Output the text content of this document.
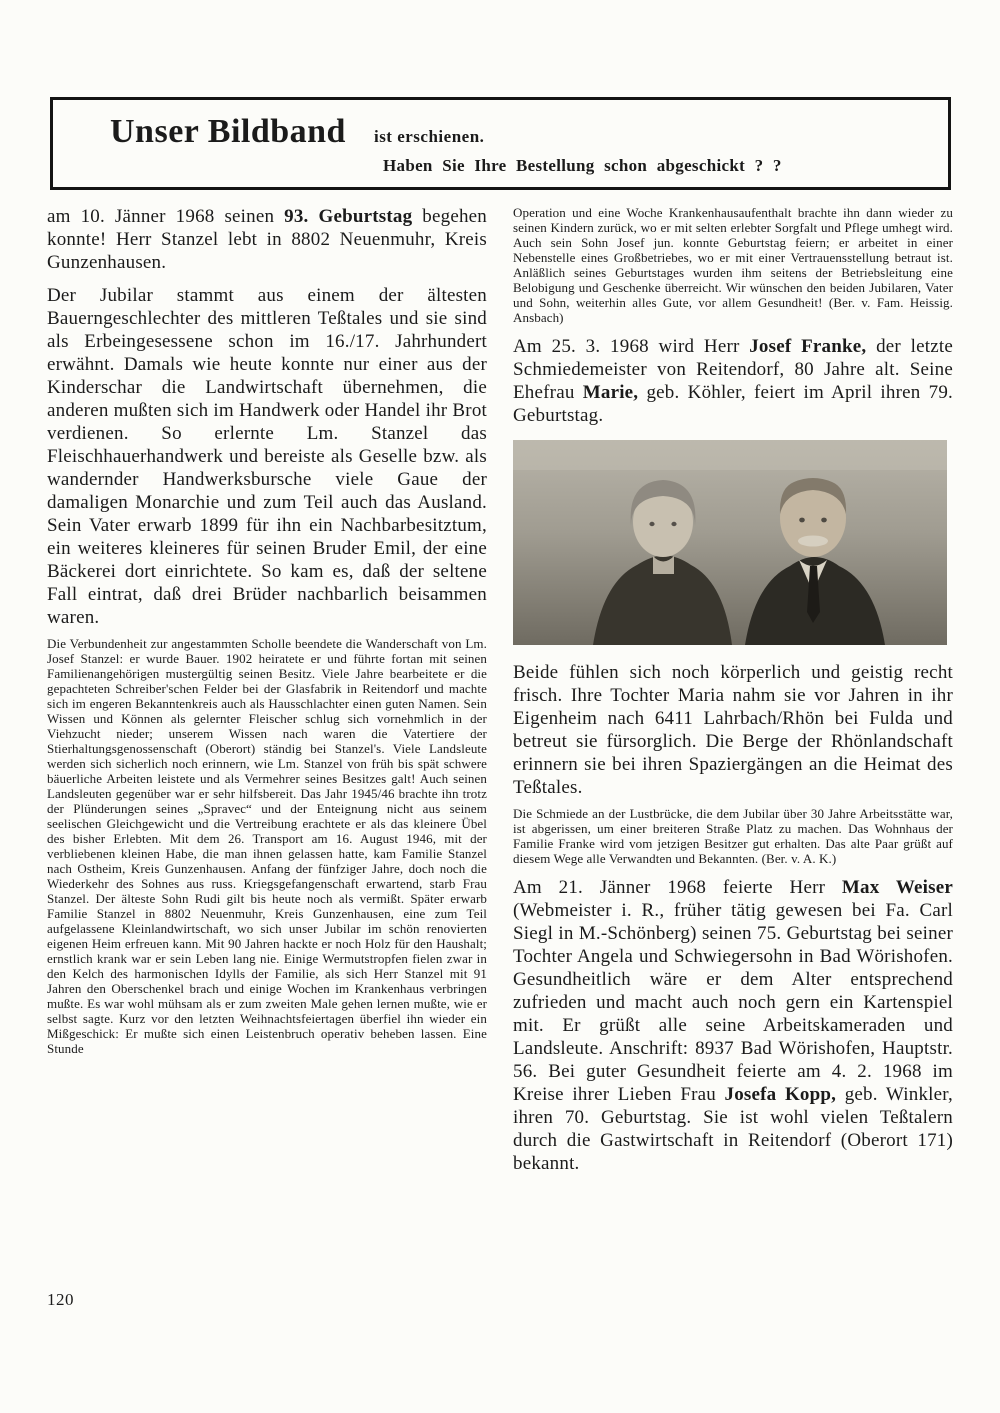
Unser Bildband ist erschienen.
Haben Sie Ihre Bestellung schon abgeschickt ? ?

am 10. Jänner 1968 seinen 93. Geburtstag begehen konnte! Herr Stanzel lebt in 8802 Neuenmuhr, Kreis Gunzenhausen.

Der Jubilar stammt aus einem der ältesten Bauerngeschlechter des mittleren Teßtales und sie sind als Erbeingesessene schon im 16./17. Jahrhundert erwähnt. Damals wie heute konnte nur einer aus der Kinderschar die Landwirtschaft übernehmen, die anderen mußten sich im Handwerk oder Handel ihr Brot verdienen. So erlernte Lm. Stanzel das Fleischhauerhandwerk und bereiste als Geselle bzw. als wandernder Handwerksbursche viele Gaue der damaligen Monarchie und zum Teil auch das Ausland. Sein Vater erwarb 1899 für ihn ein Nachbarbesitztum, ein weiteres kleineres für seinen Bruder Emil, der eine Bäckerei dort einrichtete. So kam es, daß der seltene Fall eintrat, daß drei Brüder nachbarlich beisammen waren.

Die Verbundenheit zur angestammten Scholle beendete die Wanderschaft von Lm. Josef Stanzel: er wurde Bauer. 1902 heiratete er und führte fortan mit seinen Familienangehörigen mustergültig seinen Besitz. Viele Jahre bearbeitete er die gepachteten Schreiber'schen Felder bei der Glasfabrik in Reitendorf und machte sich im engeren Bekanntenkreis auch als Hausschlachter einen guten Namen. Sein Wissen und Können als gelernter Fleischer schlug sich vornehmlich in der Viehzucht nieder; unserem Wissen nach waren die Vatertiere der Stierhaltungsgenossenschaft (Oberort) ständig bei Stanzel's. Viele Landsleute werden sich sicherlich noch erinnern, wie Lm. Stanzel von früh bis spät schwere bäuerliche Arbeiten leistete und als Vermehrer seines Besitzes galt! Auch seinen Landsleuten gegenüber war er sehr hilfsbereit. Das Jahr 1945/46 brachte ihn trotz der Plünderungen seines „Spravec“ und der Enteignung nicht aus seinem seelischen Gleichgewicht und die Vertreibung erachtete er als das kleinere Übel des bisher Erlebten. Mit dem 26. Transport am 16. August 1946, mit der verbliebenen kleinen Habe, die man ihnen gelassen hatte, kam Familie Stanzel nach Ostheim, Kreis Gunzenhausen. Anfang der fünfziger Jahre, doch noch die Wiederkehr des Sohnes aus russ. Kriegsgefangenschaft erwartend, starb Frau Stanzel. Der älteste Sohn Rudi gilt bis heute noch als vermißt. Später erwarb Familie Stanzel in 8802 Neuenmuhr, Kreis Gunzenhausen, eine zum Teil aufgelassene Kleinlandwirtschaft, wo sich unser Jubilar im schön renovierten eigenen Heim erfreuen kann. Mit 90 Jahren hackte er noch Holz für den Haushalt; ernstlich krank war er sein Leben lang nie. Einige Wermutstropfen fielen zwar in den Kelch des harmonischen Idylls der Familie, als sich Herr Stanzel mit 91 Jahren den Oberschenkel brach und einige Wochen im Krankenhaus verbringen mußte. Es war wohl mühsam als er zum zweiten Male gehen lernen mußte, wie er selbst sagte. Kurz vor den letzten Weihnachtsfeiertagen überfiel ihn wieder ein Mißgeschick: Er mußte sich einen Leistenbruch operativ beheben lassen. Eine Stunde

Operation und eine Woche Krankenhausaufenthalt brachte ihn dann wieder zu seinen Kindern zurück, wo er mit selten erlebter Sorgfalt und Pflege umhegt wird. Auch sein Sohn Josef jun. konnte Geburtstag feiern; er arbeitet in einer Nebenstelle eines Großbetriebes, wo er mit einer Vertrauensstellung betraut ist. Anläßlich seines Geburtstages wurden ihm seitens der Betriebsleitung eine Belobigung und Geschenke überreicht. Wir wünschen den beiden Jubilaren, Vater und Sohn, weiterhin alles Gute, vor allem Gesundheit! (Ber. v. Fam. Heissig. Ansbach)

Am 25. 3. 1968 wird Herr Josef Franke, der letzte Schmiedemeister von Reitendorf, 80 Jahre alt. Seine Ehefrau Marie, geb. Köhler, feiert im April ihren 79. Geburtstag.

Beide fühlen sich noch körperlich und geistig recht frisch. Ihre Tochter Maria nahm sie vor Jahren in ihr Eigenheim nach 6411 Lahrbach/Rhön bei Fulda und betreut sie fürsorglich. Die Berge der Rhönlandschaft erinnern sie bei ihren Spaziergängen an die Heimat des Teßtales.

Die Schmiede an der Lustbrücke, die dem Jubilar über 30 Jahre Arbeitsstätte war, ist abgerissen, um einer breiteren Straße Platz zu machen. Das Wohnhaus der Familie Franke wird vom jetzigen Besitzer gut erhalten. Das alte Paar grüßt auf diesem Wege alle Verwandten und Bekannten. (Ber. v. A. K.)

Am 21. Jänner 1968 feierte Herr Max Weiser (Webmeister i. R., früher tätig gewesen bei Fa. Carl Siegl in M.-Schönberg) seinen 75. Geburtstag bei seiner Tochter Angela und Schwiegersohn in Bad Wörishofen. Gesundheitlich wäre er dem Alter entsprechend zufrieden und macht auch noch gern ein Kartenspiel mit. Er grüßt alle seine Arbeitskameraden und Landsleute. Anschrift: 8937 Bad Wörishofen, Hauptstr. 56. Bei guter Gesundheit feierte am 4. 2. 1968 im Kreise ihrer Lieben Frau Josefa Kopp, geb. Winkler, ihren 70. Geburtstag. Sie ist wohl vielen Teßtalern durch die Gastwirtschaft in Reitendorf (Oberort 171) bekannt.

120
